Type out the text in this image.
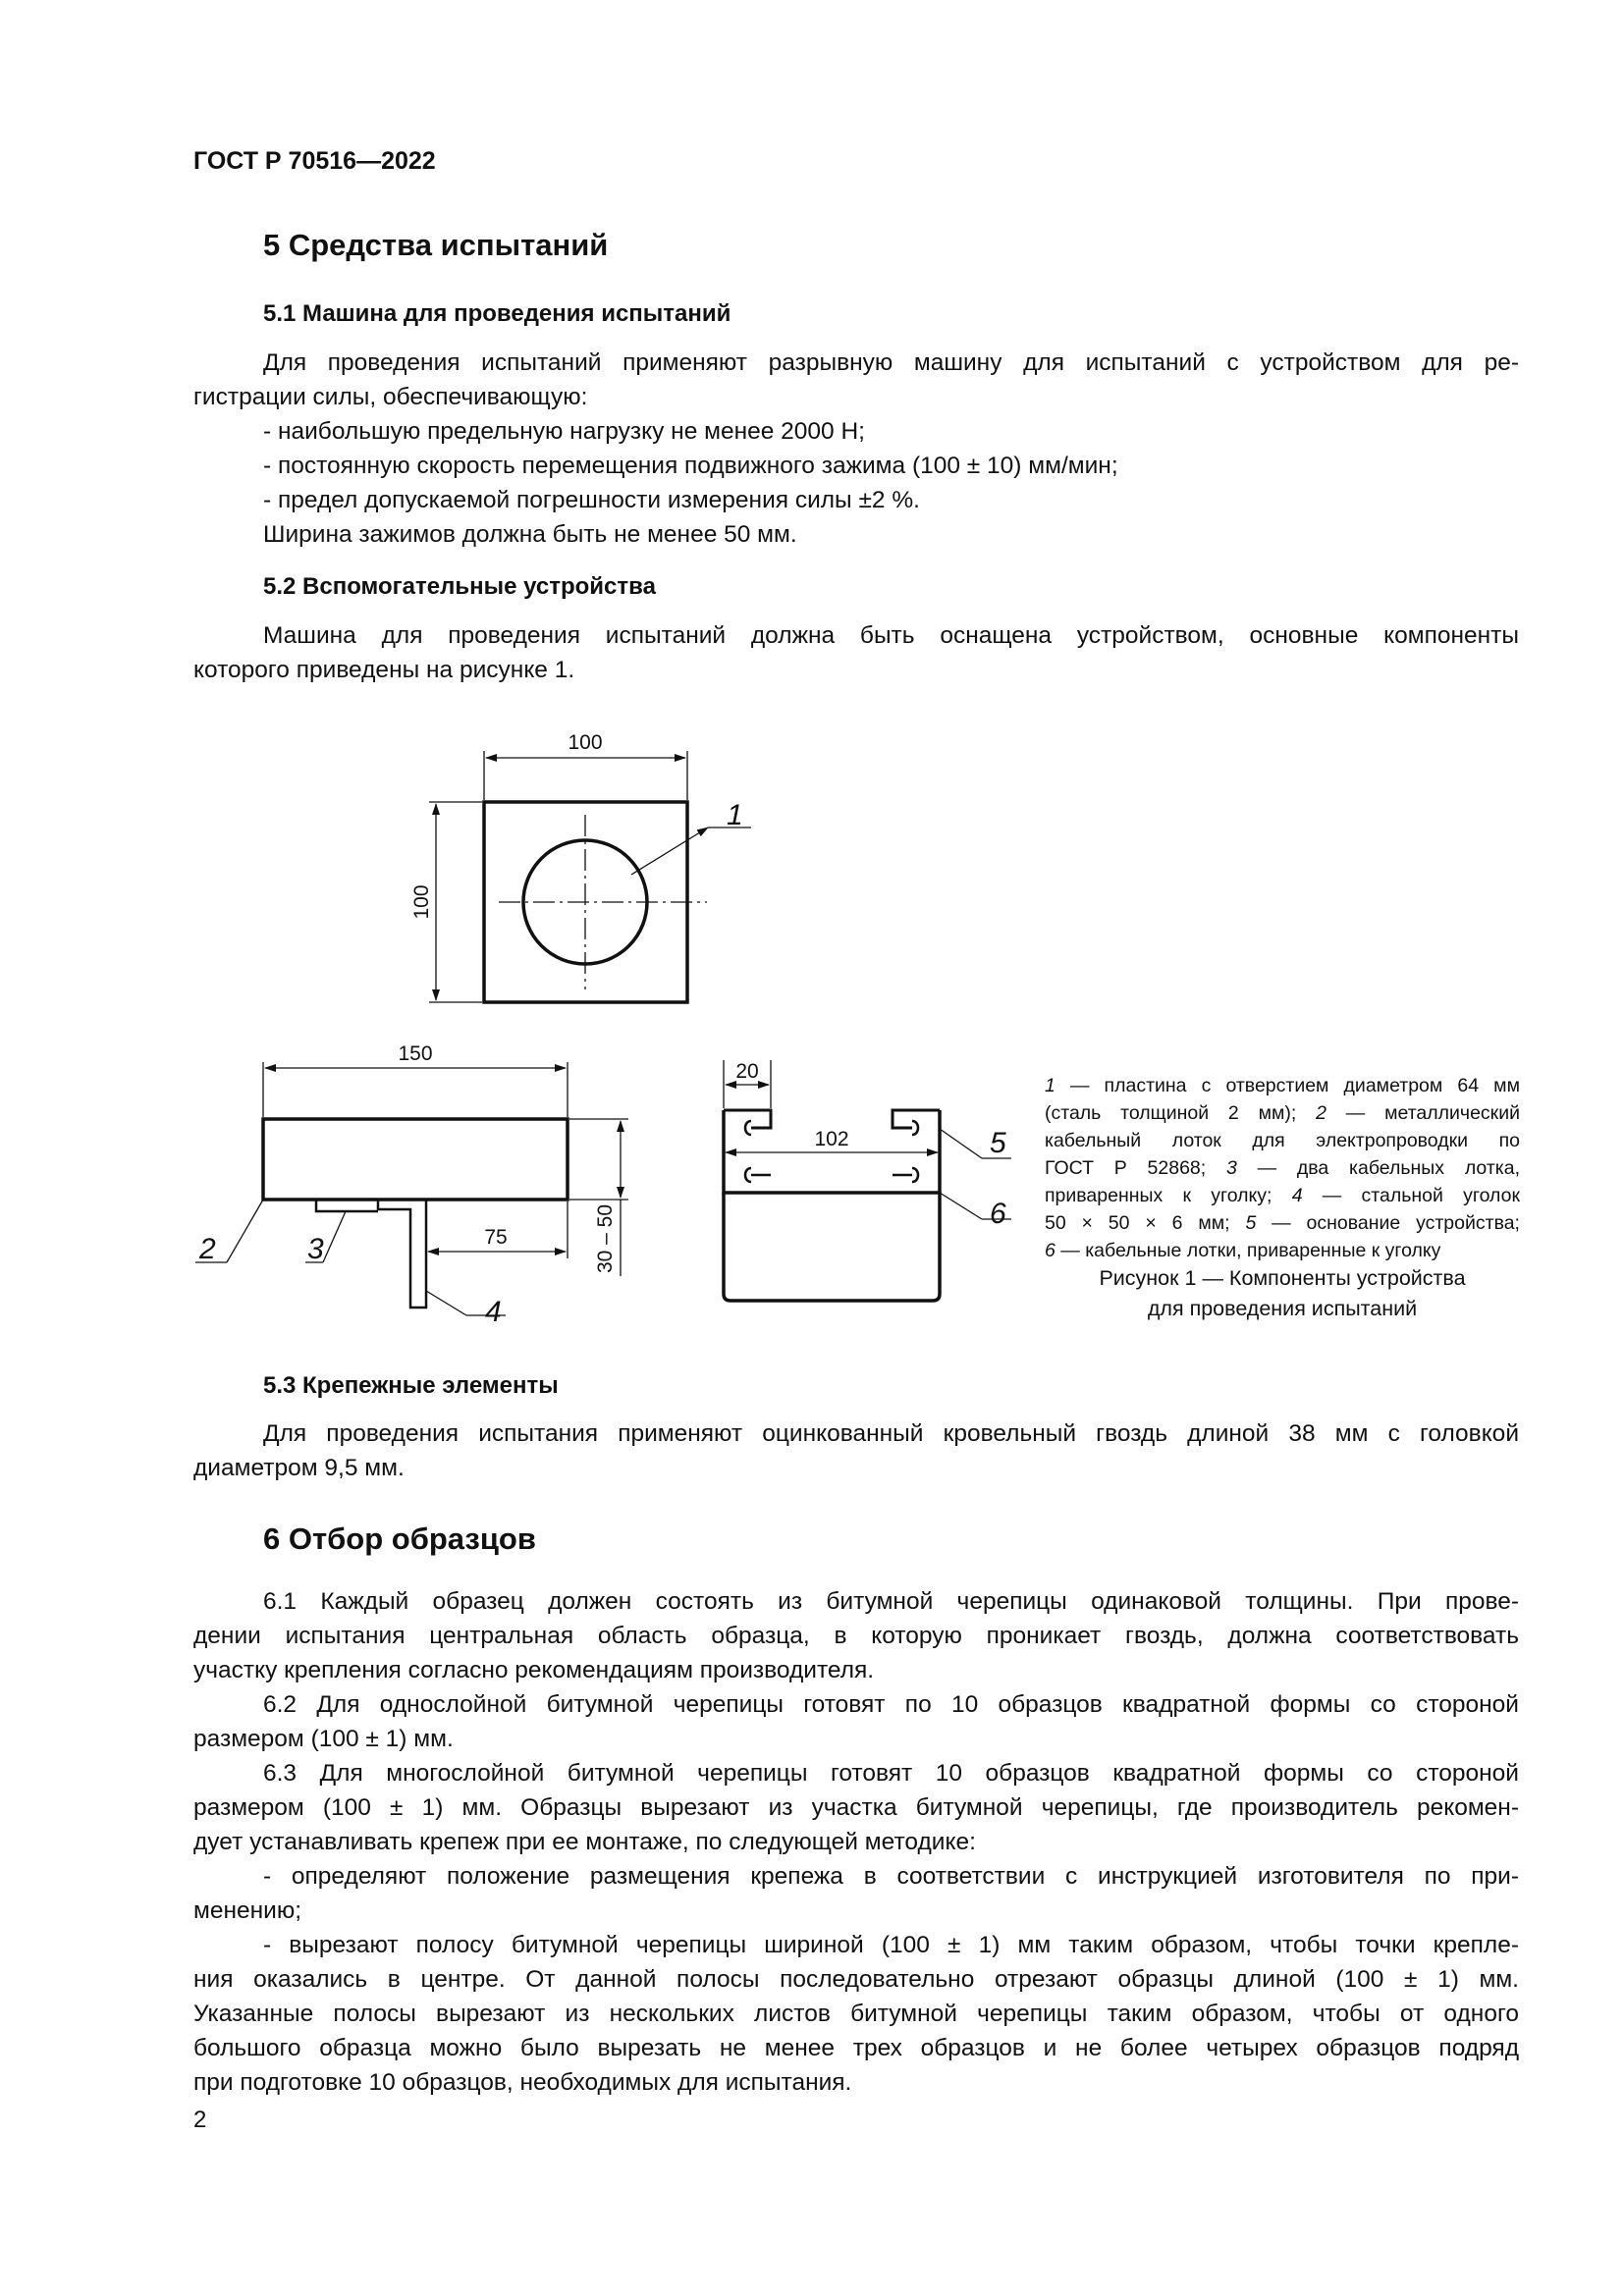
ГОСТ Р 70516—2022
5 Средства испытаний
5.1 Машина для проведения испытаний
Для проведения испытаний применяют разрывную машину для испытаний с устройством для ре-
гистрации силы, обеспечивающую:
- наибольшую предельную нагрузку не менее 2000 Н;
- постоянную скорость перемещения подвижного зажима (100 ± 10) мм/мин;
- предел допускаемой погрешности измерения силы ±2 %.
Ширина зажимов должна быть не менее 50 мм.
5.2 Вспомогательные устройства
Машина для проведения испытаний должна быть оснащена устройством, основные компоненты
которого приведены на рисунке 1.
100
100
150
75	30 – 50
20
102
1
2	3
4
5
6
1 — пластина с отверстием диаметром 64 мм
(сталь толщиной 2 мм); 2 — металлический
кабельный лоток для электропроводки по
ГОСТ Р 52868; 3 — два кабельных лотка,
приваренных к уголку; 4 — стальной уголок
50 × 50 × 6 мм; 5 — основание устройства;
6 — кабельные лотки, приваренные к уголку
Рисунок 1 — Компоненты устройства
для проведения испытаний
5.3 Крепежные элементы
Для проведения испытания применяют оцинкованный кровельный гвоздь длиной 38 мм с головкой
диаметром 9,5 мм.
6 Отбор образцов
6.1 Каждый образец должен состоять из битумной черепицы одинаковой толщины. При прове-
дении испытания центральная область образца, в которую проникает гвоздь, должна соответствовать
участку крепления согласно рекомендациям производителя.
6.2 Для однослойной битумной черепицы готовят по 10 образцов квадратной формы со стороной
размером (100 ± 1) мм.
6.3 Для многослойной битумной черепицы готовят 10 образцов квадратной формы со стороной
размером (100 ± 1) мм. Образцы вырезают из участка битумной черепицы, где производитель рекомен-
дует устанавливать крепеж при ее монтаже, по следующей методике:
- определяют положение размещения крепежа в соответствии с инструкцией изготовителя по при-
менению;
- вырезают полосу битумной черепицы шириной (100 ± 1) мм таким образом, чтобы точки крепле-
ния оказались в центре. От данной полосы последовательно отрезают образцы длиной (100 ± 1) мм.
Указанные полосы вырезают из нескольких листов битумной черепицы таким образом, чтобы от одного
большого образца можно было вырезать не менее трех образцов и не более четырех образцов подряд
при подготовке 10 образцов, необходимых для испытания.
2
